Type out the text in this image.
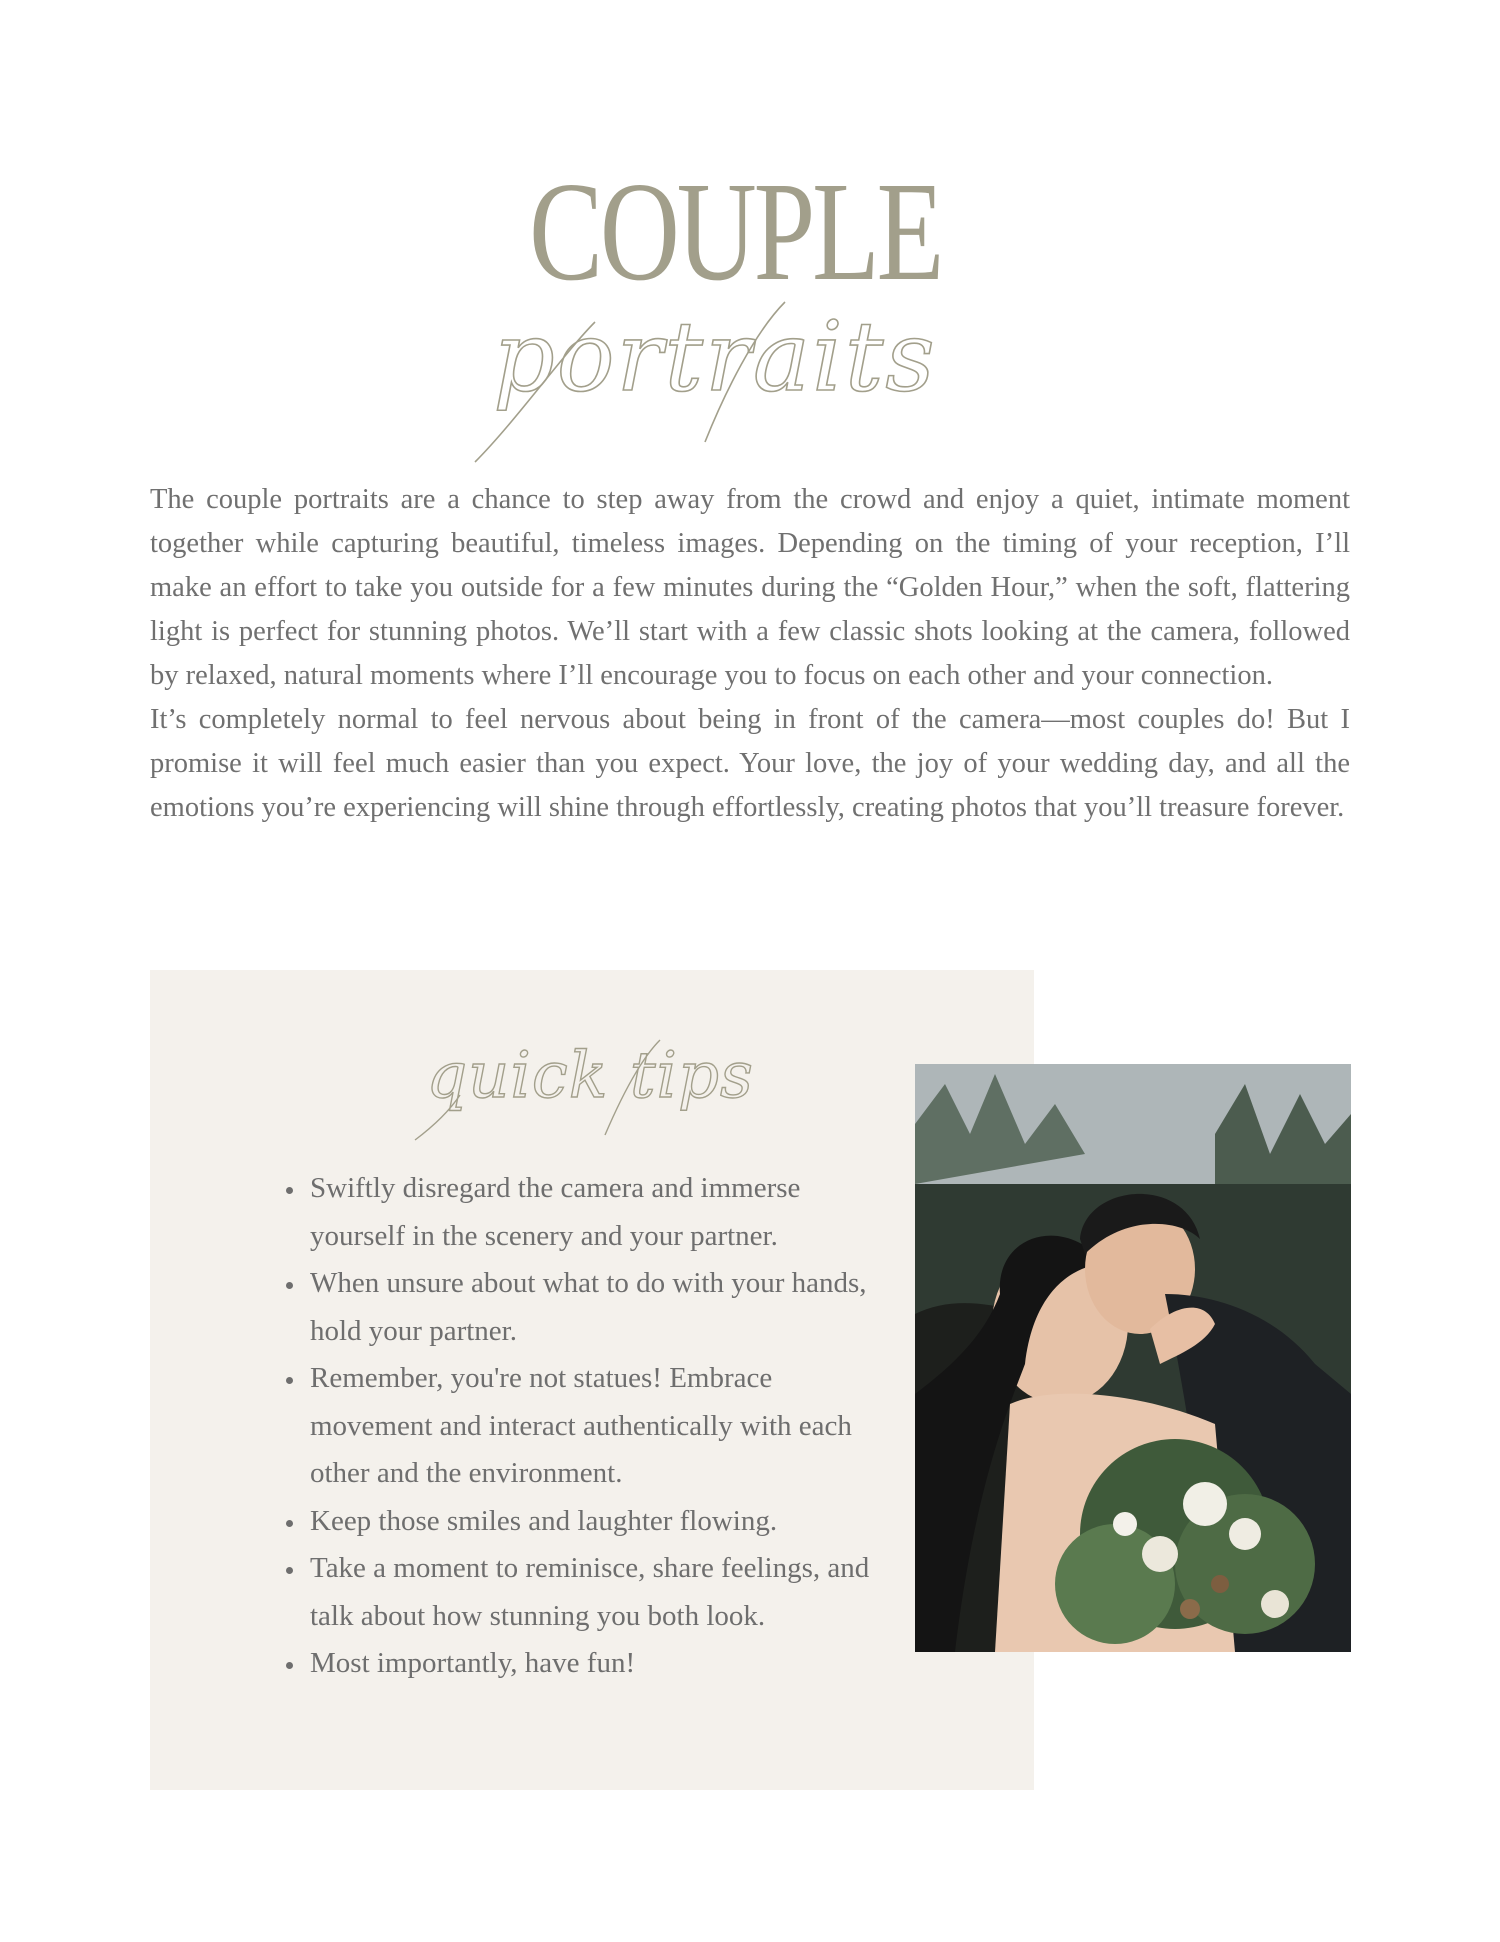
COUPLE
portraits

The couple portraits are a chance to step away from the crowd and enjoy a quiet, intimate moment together while capturing beautiful, timeless images. Depending on the timing of your reception, I’ll make an effort to take you outside for a few minutes during the “Golden Hour,” when the soft, flattering light is perfect for stunning photos. We’ll start with a few classic shots looking at the camera, followed by relaxed, natural moments where I’ll encourage you to focus on each other and your connection.

It’s completely normal to feel nervous about being in front of the camera—most couples do! But I promise it will feel much easier than you expect. Your love, the joy of your wedding day, and all the emotions you’re experiencing will shine through effortlessly, creating photos that you’ll treasure forever.

quick tips
• Swiftly disregard the camera and immerse yourself in the scenery and your partner.
• When unsure about what to do with your hands, hold your partner.
• Remember, you're not statues! Embrace movement and interact authentically with each other and the environment.
• Keep those smiles and laughter flowing.
• Take a moment to reminisce, share feelings, and talk about how stunning you both look.
• Most importantly, have fun!
